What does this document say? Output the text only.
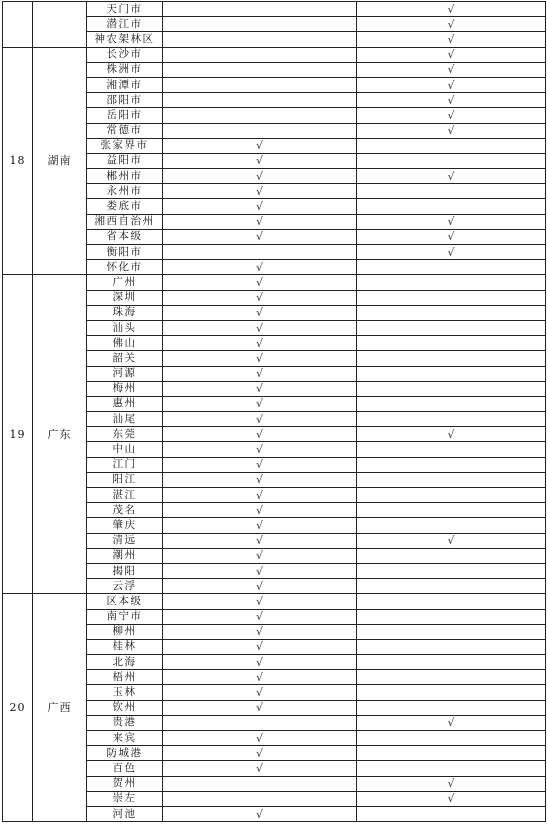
		天门市		√
		潜江市		√
		神农架林区		√
18	湖南	长沙市		√
		株洲市		√
		湘潭市		√
		邵阳市		√
		岳阳市		√
		常德市		√
		张家界市	√	
		益阳市	√	
		郴州市	√	√
		永州市	√	
		娄底市	√	
		湘西自治州	√	√
		省本级	√	√
		衡阳市		√
		怀化市	√	
19	广东	广州	√	
		深圳	√	
		珠海	√	
		汕头	√	
		佛山	√	
		韶关	√	
		河源	√	
		梅州	√	
		惠州	√	
		汕尾	√	
		东莞	√	√
		中山	√	
		江门	√	
		阳江	√	
		湛江	√	
		茂名	√	
		肇庆	√	
		清远	√	√
		潮州	√	
		揭阳	√	
		云浮	√	
20	广西	区本级	√	
		南宁市	√	
		柳州	√	
		桂林	√	
		北海	√	
		梧州	√	
		玉林	√	
		钦州	√	
		贵港		√
		来宾	√	
		防城港	√	
		百色	√	
		贺州		√
		崇左		√
		河池	√	
